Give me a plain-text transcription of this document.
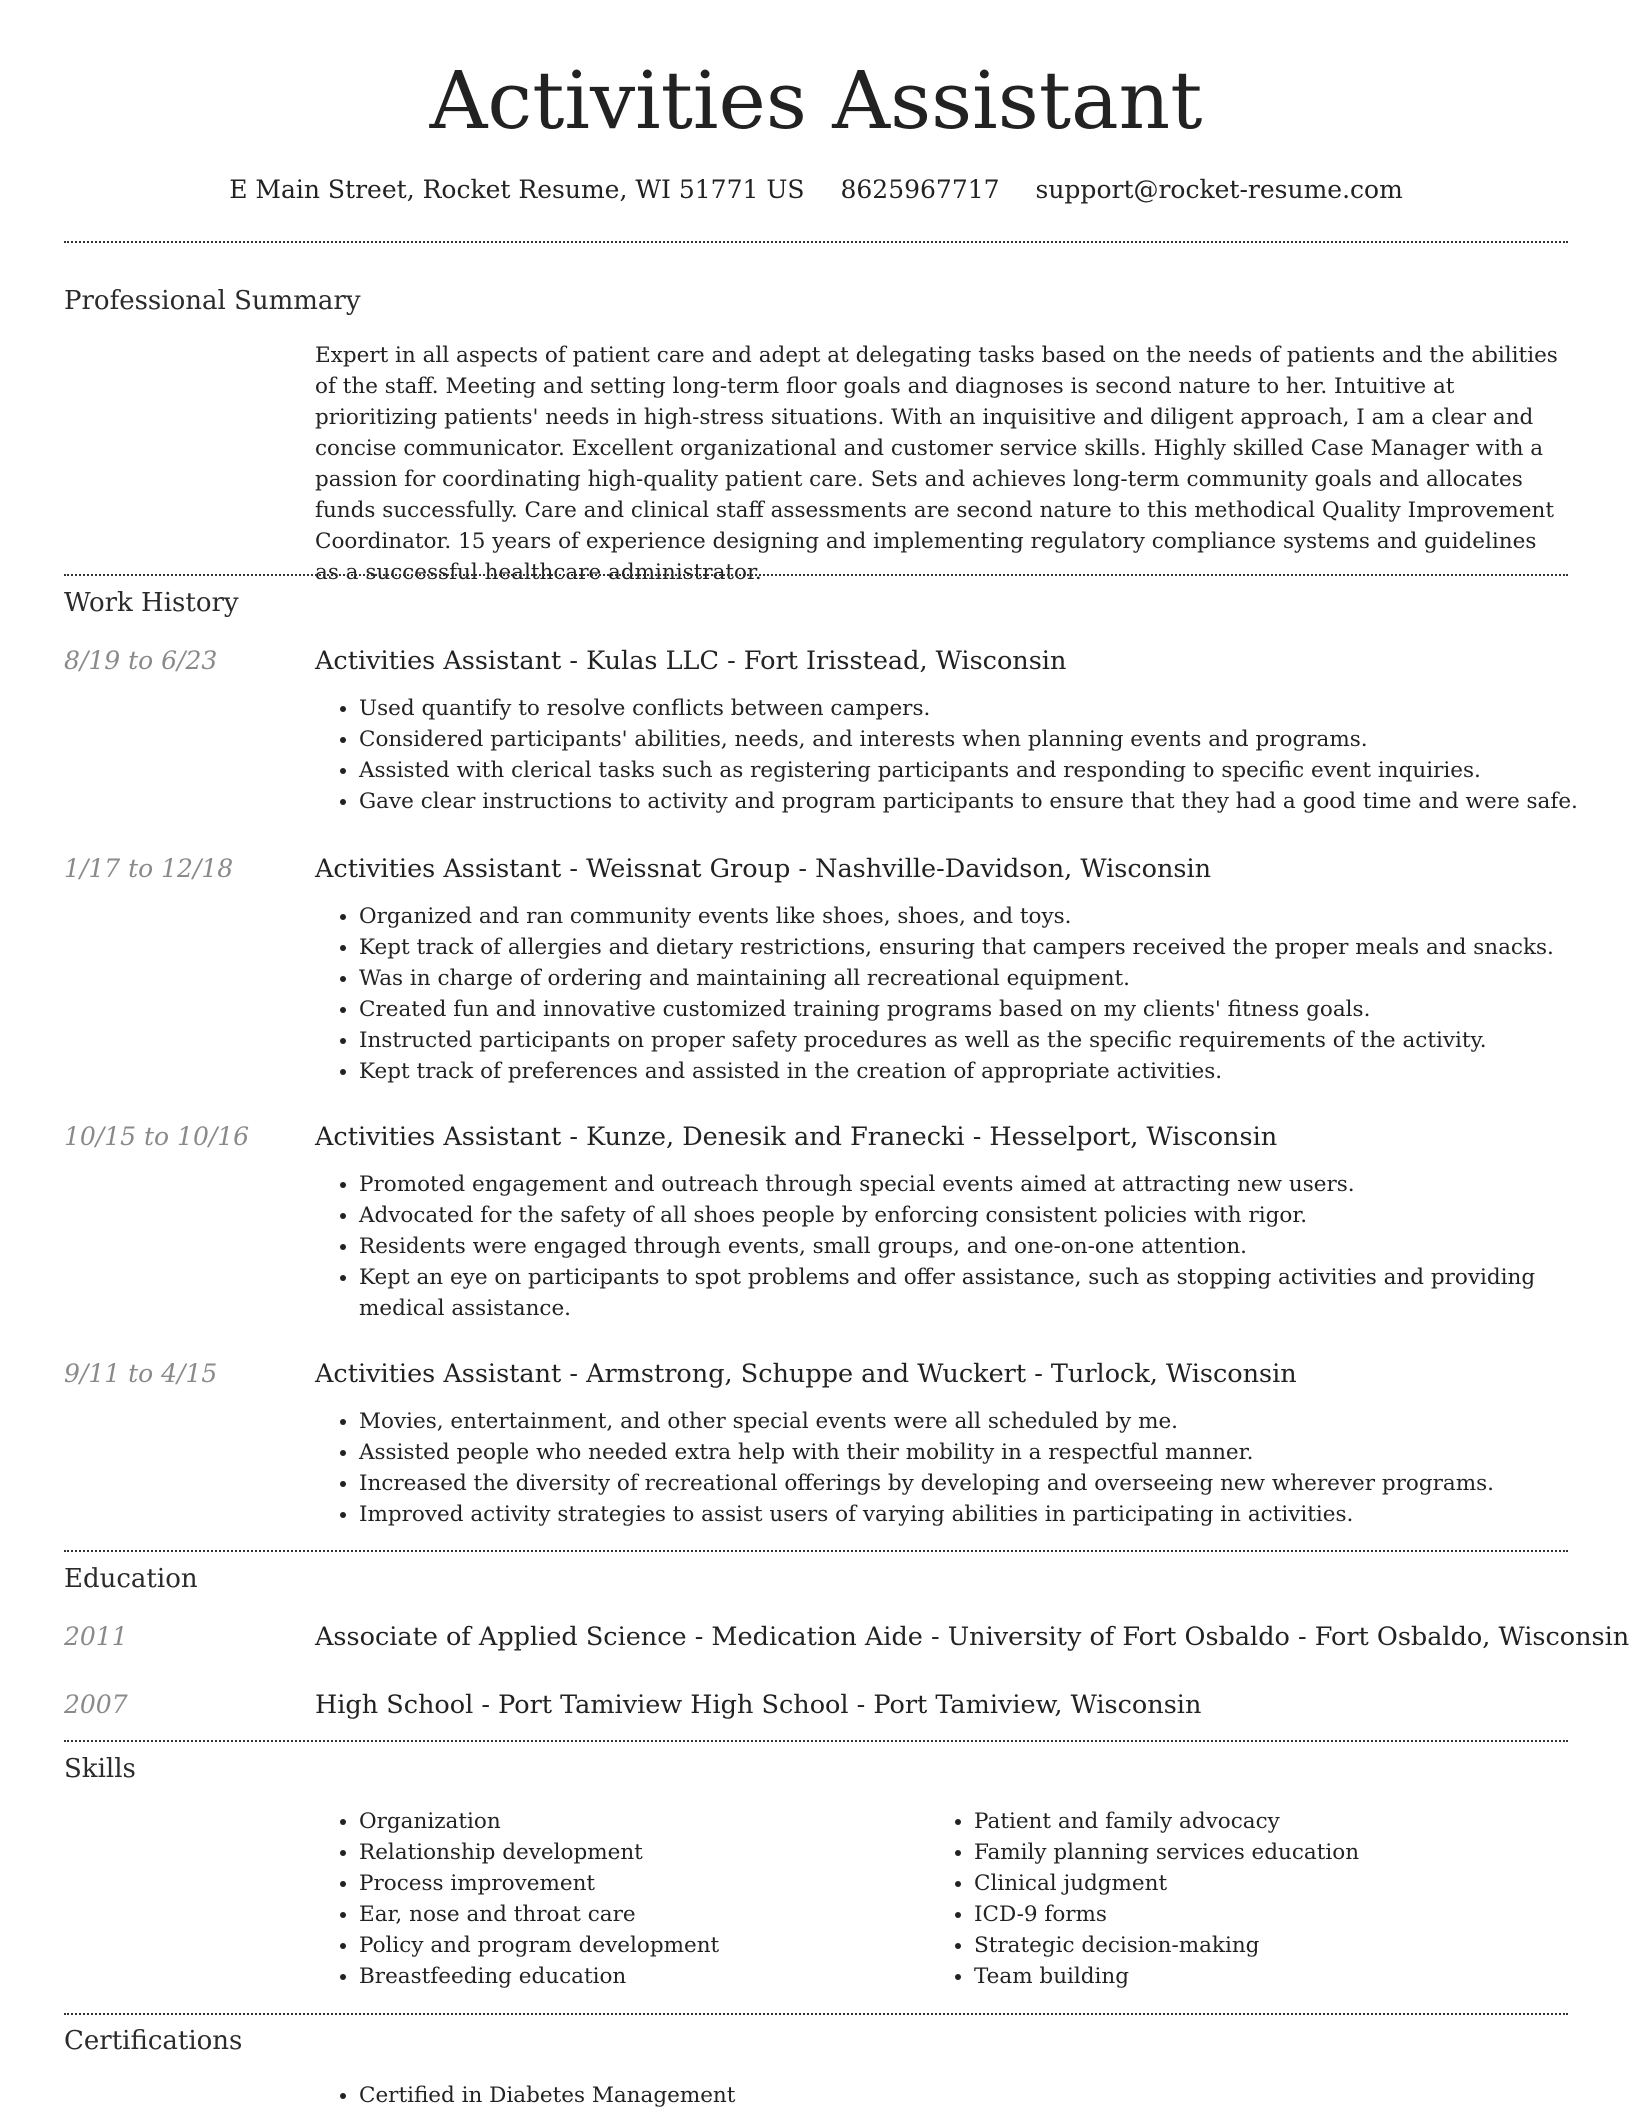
Activities Assistant
E Main Street, Rocket Resume, WI 51771 US 8625967717 support@rocket-resume.com
Professional Summary

Expert in all aspects of patient care and adept at delegating tasks based on the needs of patients and the abilities of the staff. Meeting and setting long-term floor goals and diagnoses is second nature to her. Intuitive at prioritizing patients' needs in high-stress situations. With an inquisitive and diligent approach, I am a clear and concise communicator. Excellent organizational and customer service skills. Highly skilled Case Manager with a passion for coordinating high-quality patient care. Sets and achieves long-term community goals and allocates funds successfully. Care and clinical staff assessments are second nature to this methodical Quality Improvement Coordinator. 15 years of experience designing and implementing regulatory compliance systems and guidelines as a successful healthcare administrator.

Work History
8/19 to 6/23	Activities Assistant - Kulas LLC - Fort Irisstead, Wisconsin
• Used quantify to resolve conflicts between campers.
• Considered participants' abilities, needs, and interests when planning events and programs.
• Assisted with clerical tasks such as registering participants and responding to specific event inquiries.
• Gave clear instructions to activity and program participants to ensure that they had a good time and were safe.
1/17 to 12/18	Activities Assistant - Weissnat Group - Nashville-Davidson, Wisconsin
• Organized and ran community events like shoes, shoes, and toys.
• Kept track of allergies and dietary restrictions, ensuring that campers received the proper meals and snacks.
• Was in charge of ordering and maintaining all recreational equipment.
• Created fun and innovative customized training programs based on my clients' fitness goals.
• Instructed participants on proper safety procedures as well as the specific requirements of the activity.
• Kept track of preferences and assisted in the creation of appropriate activities.
10/15 to 10/16	Activities Assistant - Kunze, Denesik and Franecki - Hesselport, Wisconsin
• Promoted engagement and outreach through special events aimed at attracting new users.
• Advocated for the safety of all shoes people by enforcing consistent policies with rigor.
• Residents were engaged through events, small groups, and one-on-one attention.
• Kept an eye on participants to spot problems and offer assistance, such as stopping activities and providing medical assistance.
9/11 to 4/15	Activities Assistant - Armstrong, Schuppe and Wuckert - Turlock, Wisconsin
• Movies, entertainment, and other special events were all scheduled by me.
• Assisted people who needed extra help with their mobility in a respectful manner.
• Increased the diversity of recreational offerings by developing and overseeing new wherever programs.
• Improved activity strategies to assist users of varying abilities in participating in activities.
Education
2011	Associate of Applied Science - Medication Aide - University of Fort Osbaldo - Fort Osbaldo, Wisconsin
2007	High School - Port Tamiview High School - Port Tamiview, Wisconsin
Skills
• Organization
• Relationship development
• Process improvement
• Ear, nose and throat care
• Policy and program development
• Breastfeeding education
• Patient and family advocacy
• Family planning services education
• Clinical judgment
• ICD-9 forms
• Strategic decision-making
• Team building
Certifications
• Certified in Diabetes Management
